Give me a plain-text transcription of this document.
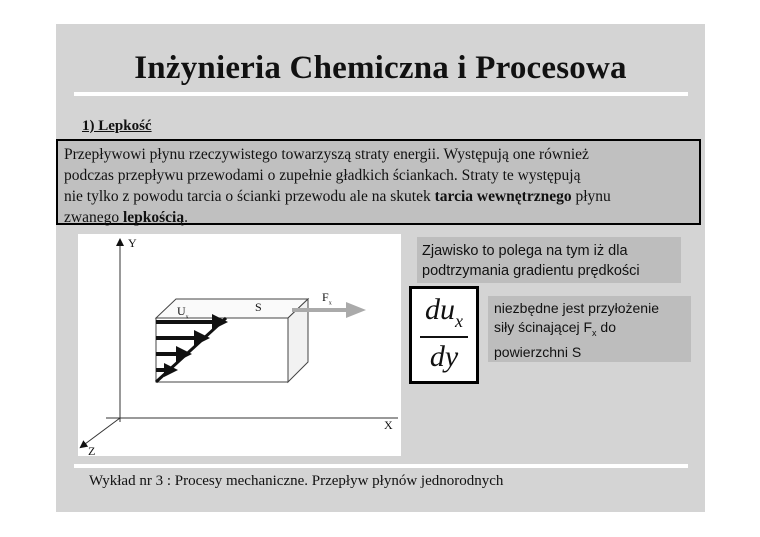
Inżynieria Chemiczna i Procesowa
1) Lepkość
Przepływowi płynu rzeczywistego towarzyszą straty energii. Występują one również
podczas przepływu przewodami o zupełnie gładkich ściankach. Straty te występują
nie tylko z powodu tarcia o ścianki przewodu ale na skutek tarcia wewnętrznego płynu
zwanego lepkością.
Y
X
Z
$U_x$
S
$F_x$
Zjawisko to polega na tym iż dla
podtrzymania gradientu prędkości
$du_x$
dy
niezbędne jest przyłożenie
siły ścinającej $F_x$ do
powierzchni S
Wykład nr 3 : Procesy mechaniczne. Przepływ płynów jednorodnych
